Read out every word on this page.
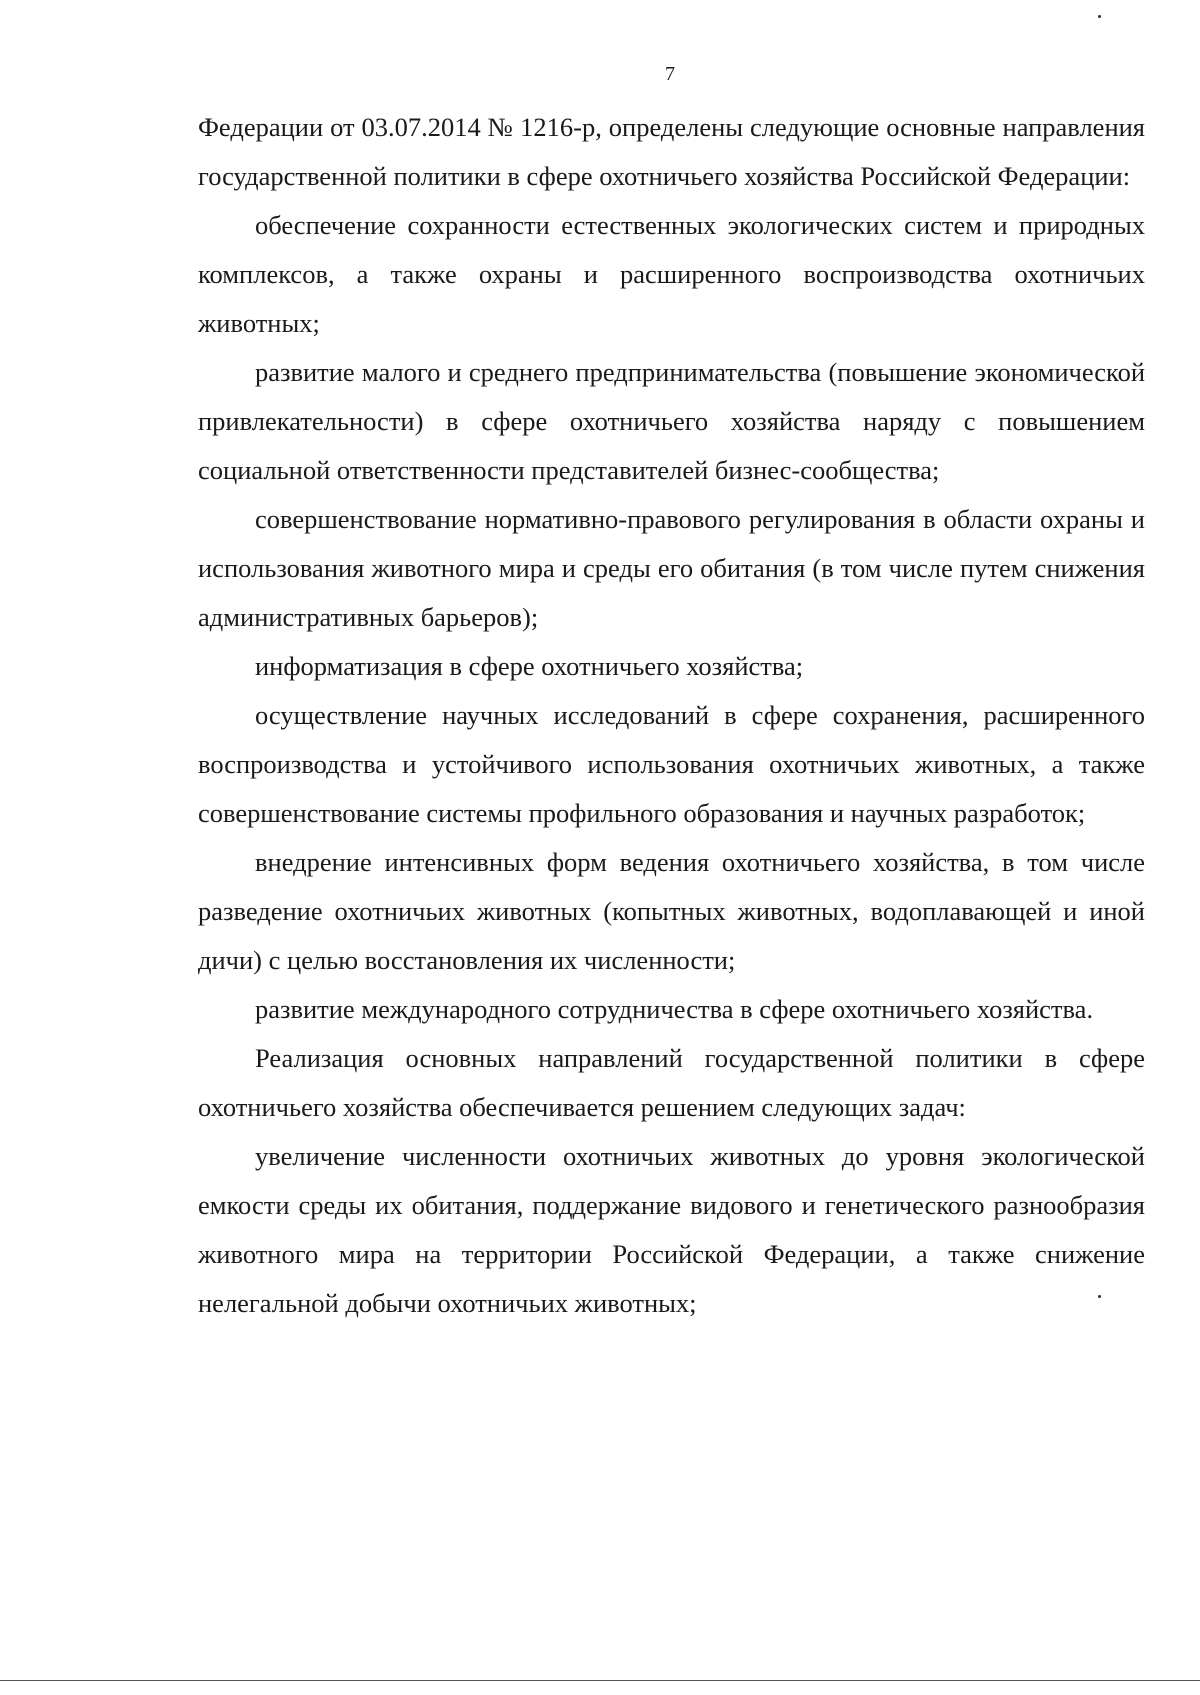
7

Федерации от 03.07.2014 № 1216-р, определены следующие основные направления государственной политики в сфере охотничьего хозяйства Российской Федерации:

обеспечение сохранности естественных экологических систем и природных комплексов, а также охраны и расширенного воспроизводства охотничьих животных;

развитие малого и среднего предпринимательства (повышение экономической привлекательности) в сфере охотничьего хозяйства наряду с повышением социальной ответственности представителей бизнес-сообщества;

совершенствование нормативно-правового регулирования в области охраны и использования животного мира и среды его обитания (в том числе путем снижения административных барьеров);

информатизация в сфере охотничьего хозяйства;

осуществление научных исследований в сфере сохранения, расширенного воспроизводства и устойчивого использования охотничьих животных, а также совершенствование системы профильного образования и научных разработок;

внедрение интенсивных форм ведения охотничьего хозяйства, в том числе разведение охотничьих животных (копытных животных, водоплавающей и иной дичи) с целью восстановления их численности;

развитие международного сотрудничества в сфере охотничьего хозяйства.

Реализация основных направлений государственной политики в сфере охотничьего хозяйства обеспечивается решением следующих задач:

увеличение численности охотничьих животных до уровня экологической емкости среды их обитания, поддержание видового и генетического разнообразия животного мира на территории Российской Федерации, а также снижение нелегальной добычи охотничьих животных;
